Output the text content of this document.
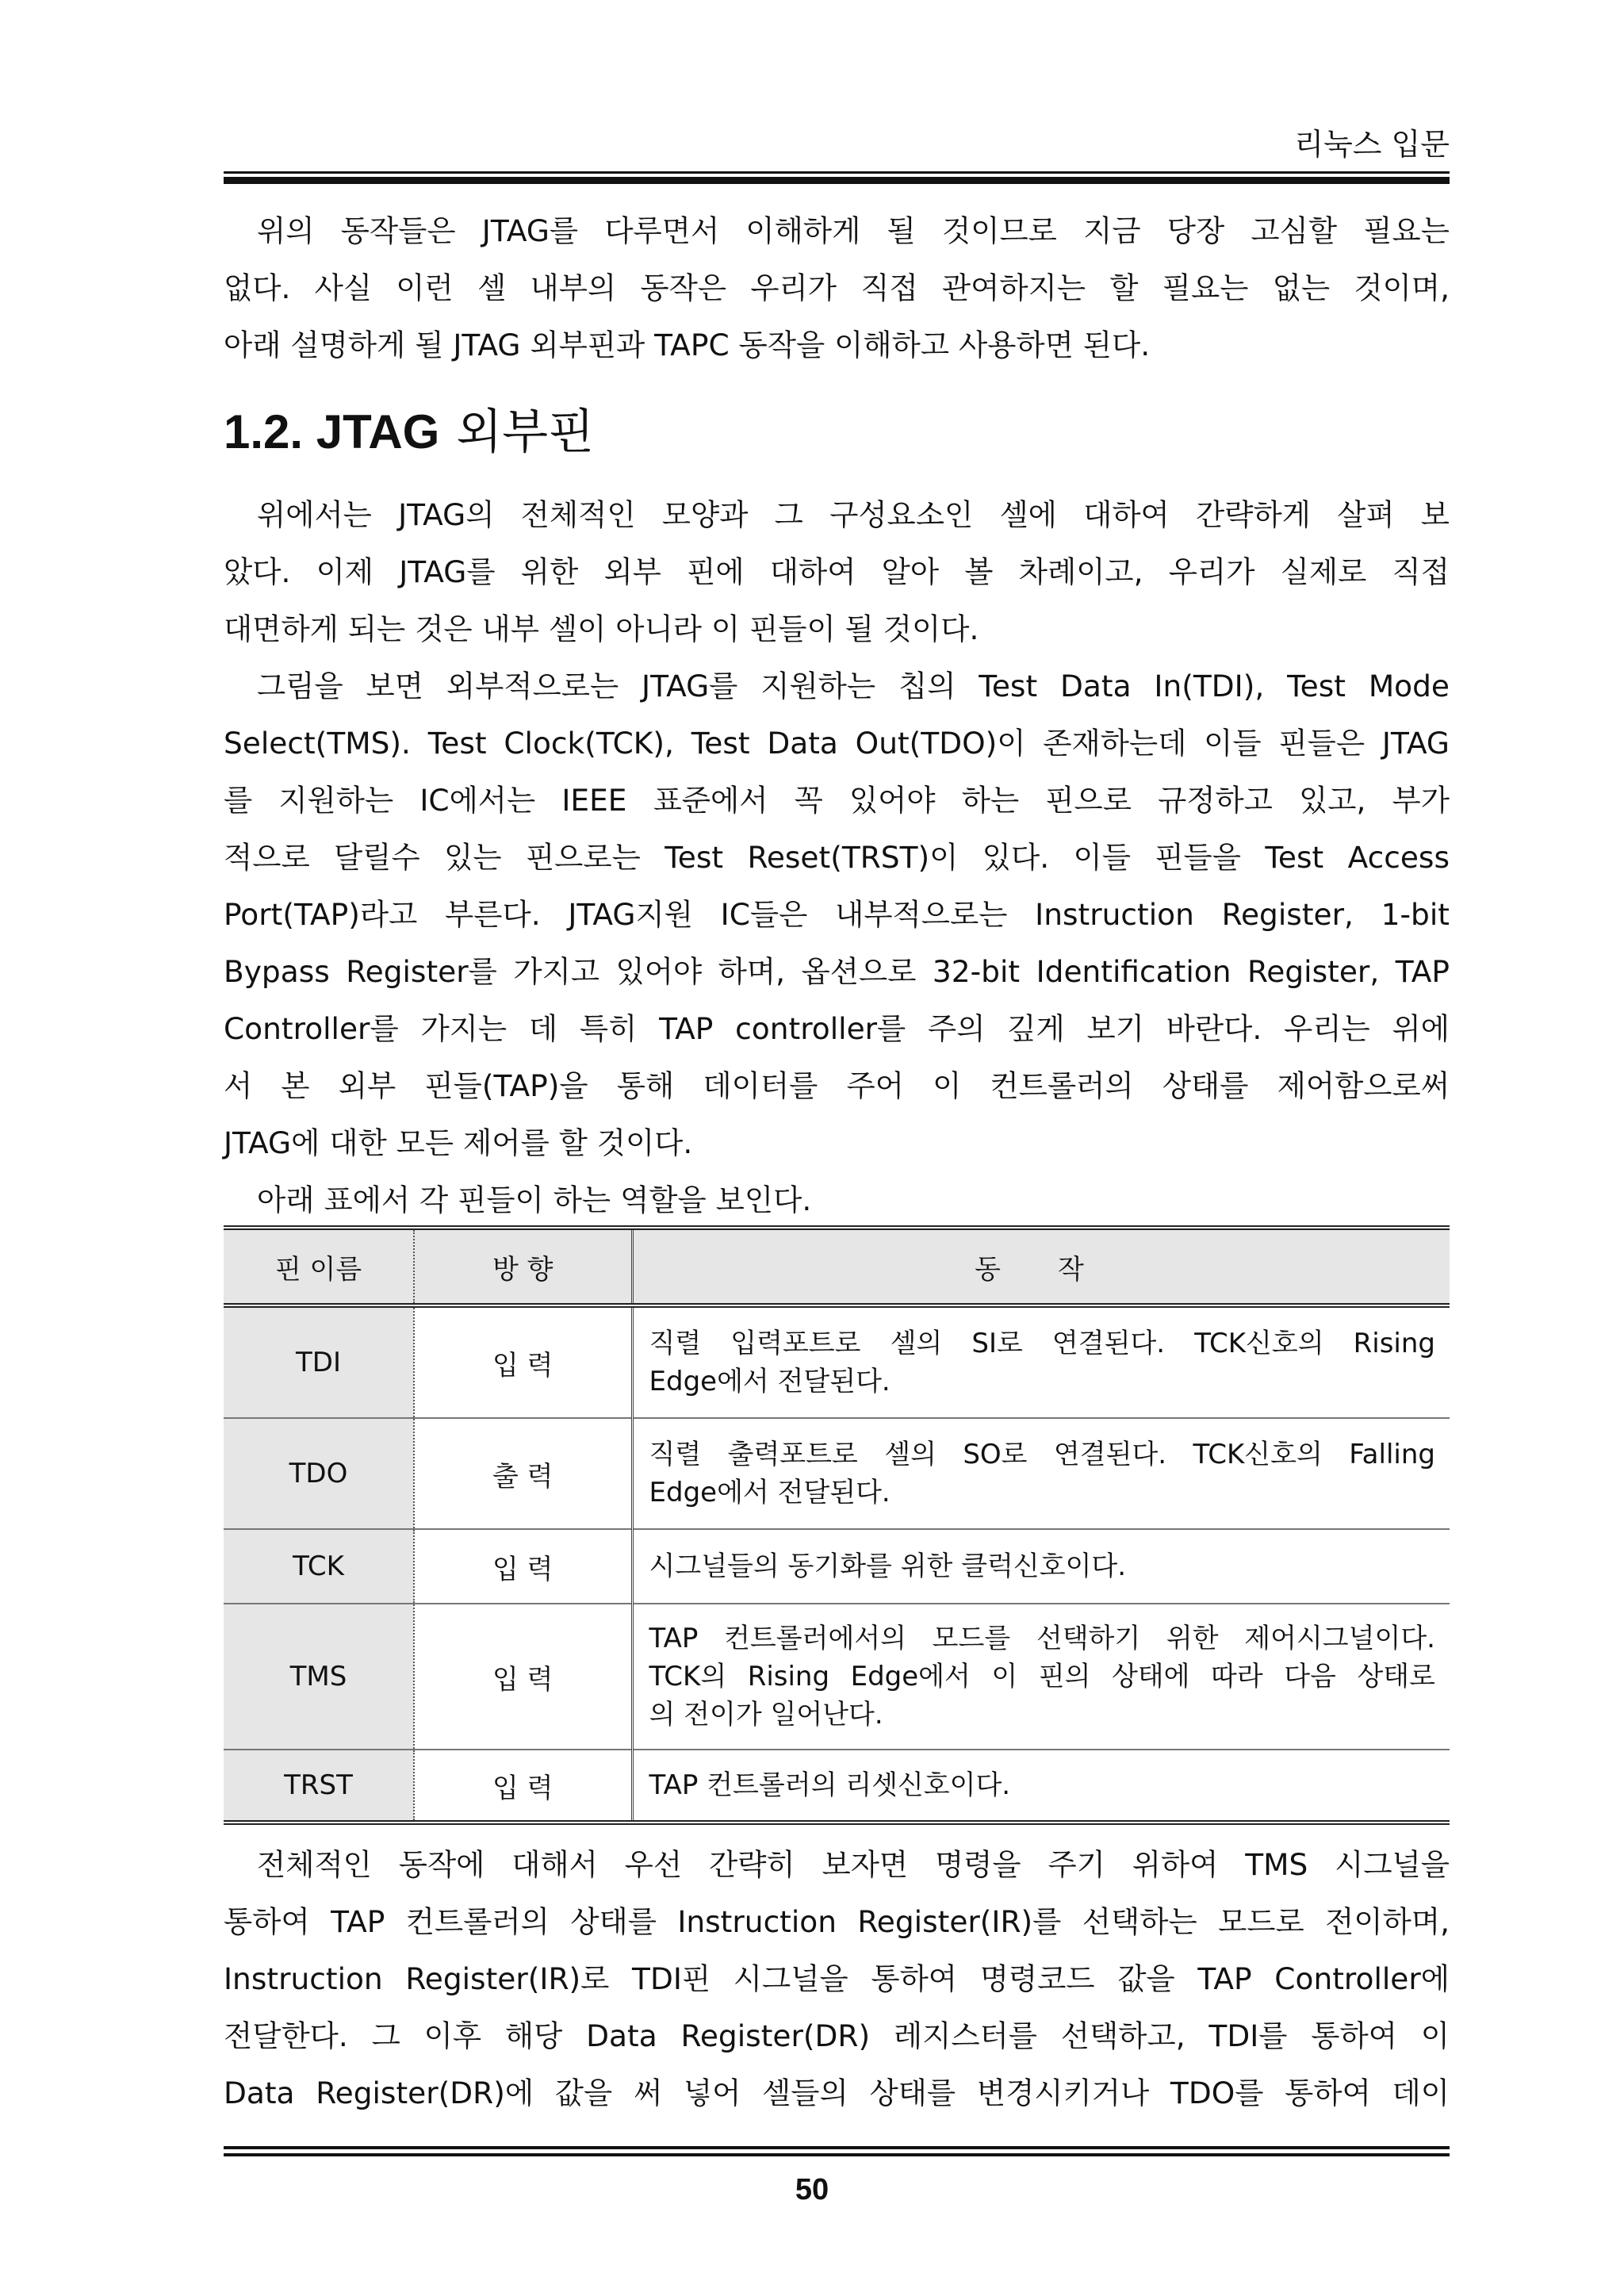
리눅스 입문
위의 동작들은 JTAG를 다루면서 이해하게 될 것이므로 지금 당장 고심할 필요는
없다. 사실 이런 셀 내부의 동작은 우리가 직접 관여하지는 할 필요는 없는 것이며,
아래 설명하게 될 JTAG 외부핀과 TAPC 동작을 이해하고 사용하면 된다.
1.2. JTAG 외부핀
위에서는 JTAG의 전체적인 모양과 그 구성요소인 셀에 대하여 간략하게 살펴 보
았다. 이제 JTAG를 위한 외부 핀에 대하여 알아 볼 차례이고, 우리가 실제로 직접
대면하게 되는 것은 내부 셀이 아니라 이 핀들이 될 것이다.
그림을 보면 외부적으로는 JTAG를 지원하는 칩의 Test Data In(TDI), Test Mode
Select(TMS). Test Clock(TCK), Test Data Out(TDO)이 존재하는데 이들 핀들은 JTAG
를 지원하는 IC에서는 IEEE 표준에서 꼭 있어야 하는 핀으로 규정하고 있고, 부가
적으로 달릴수 있는 핀으로는 Test Reset(TRST)이 있다. 이들 핀들을 Test Access
Port(TAP)라고 부른다. JTAG지원 IC들은 내부적으로는 Instruction Register, 1-bit
Bypass Register를 가지고 있어야 하며, 옵션으로 32-bit Identification Register, TAP
Controller를 가지는 데 특히 TAP controller를 주의 깊게 보기 바란다. 우리는 위에
서 본 외부 핀들(TAP)을 통해 데이터를 주어 이 컨트롤러의 상태를 제어함으로써
JTAG에 대한 모든 제어를 할 것이다.
아래 표에서 각 핀들이 하는 역할을 보인다.
핀 이름	방 향	동 작
TDI	입 력	직렬 입력포트로 셀의 SI로 연결된다. TCK신호의 Rising
Edge에서 전달된다.

TDO	출 력	직렬 출력포트로 셀의 SO로 연결된다. TCK신호의 Falling
Edge에서 전달된다.

TCK	입 력	시그널들의 동기화를 위한 클럭신호이다.

TMS	입 력	TAP 컨트롤러에서의 모드를 선택하기 위한 제어시그널이다.
TCK의 Rising Edge에서 이 핀의 상태에 따라 다음 상태로
의 전이가 일어난다.

TRST	입 력	TAP 컨트롤러의 리셋신호이다.
전체적인 동작에 대해서 우선 간략히 보자면 명령을 주기 위하여 TMS 시그널을
통하여 TAP 컨트롤러의 상태를 Instruction Register(IR)를 선택하는 모드로 전이하며,
Instruction Register(IR)로 TDI핀 시그널을 통하여 명령코드 값을 TAP Controller에
전달한다. 그 이후 해당 Data Register(DR) 레지스터를 선택하고, TDI를 통하여 이
Data Register(DR)에 값을 써 넣어 셀들의 상태를 변경시키거나 TDO를 통하여 데이
50
